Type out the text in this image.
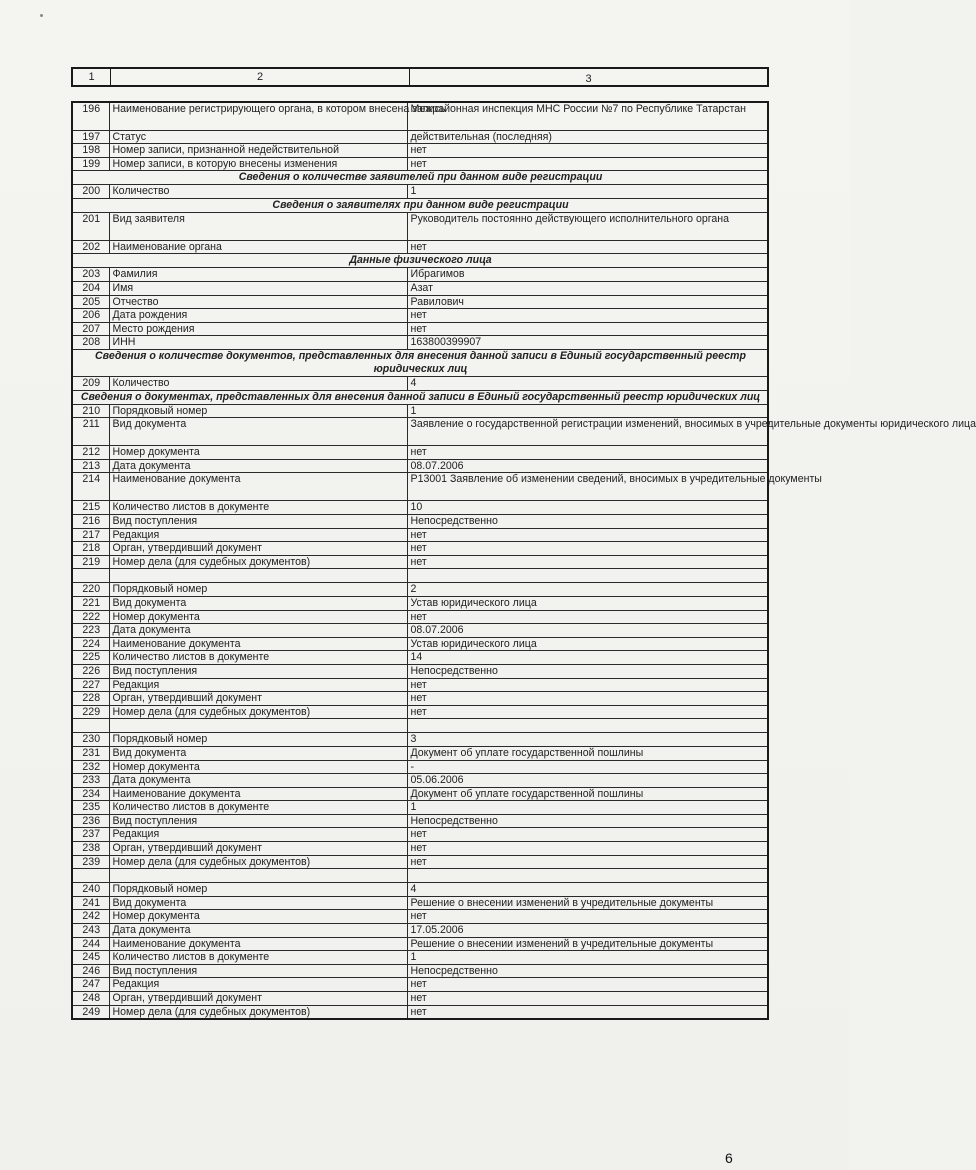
1	2	3
196	Наименование регистрирующего органа, в котором внесена запись	Межрайонная инспекция МНС России №7 по Республике Татарстан
197	Статус	действительная (последняя)
198	Номер записи, признанной недействительной	нет
199	Номер записи, в которую внесены изменения	нет
Сведения о количестве заявителей при данном виде регистрации		
200	Количество	1
Сведения о заявителях при данном виде регистрации		
201	Вид заявителя	Руководитель постоянно действующего исполнительного органа
202	Наименование органа	нет
Данные физического лица		
203	Фамилия	Ибрагимов
204	Имя	Азат
205	Отчество	Равилович
206	Дата рождения	нет
207	Место рождения	нет
208	ИНН	163800399907
Сведения о количестве документов, представленных для внесения данной записи в Единый государственный реестр юридических лиц		
209	Количество	4
Сведения о документах, представленных для внесения данной записи в Единый государственный реестр юридических лиц		
210	Порядковый номер	1
211	Вид документа	Заявление о государственной регистрации изменений, вносимых в учредительные документы юридического лица
212	Номер документа	нет
213	Дата документа	08.07.2006
214	Наименование документа	Р13001 Заявление об изменении сведений, вносимых в учредительные документы
215	Количество листов в документе	10
216	Вид поступления	Непосредственно
217	Редакция	нет
218	Орган, утвердивший документ	нет
219	Номер дела (для судебных документов)	нет

220	Порядковый номер	2
221	Вид документа	Устав юридического лица
222	Номер документа	нет
223	Дата документа	08.07.2006
224	Наименование документа	Устав юридического лица
225	Количество листов в документе	14
226	Вид поступления	Непосредственно
227	Редакция	нет
228	Орган, утвердивший документ	нет
229	Номер дела (для судебных документов)	нет

230	Порядковый номер	3
231	Вид документа	Документ об уплате государственной пошлины
232	Номер документа	-
233	Дата документа	05.06.2006
234	Наименование документа	Документ об уплате государственной пошлины
235	Количество листов в документе	1
236	Вид поступления	Непосредственно
237	Редакция	нет
238	Орган, утвердивший документ	нет
239	Номер дела (для судебных документов)	нет

240	Порядковый номер	4
241	Вид документа	Решение о внесении изменений в учредительные документы
242	Номер документа	нет
243	Дата документа	17.05.2006
244	Наименование документа	Решение о внесении изменений в учредительные документы
245	Количество листов в документе	1
246	Вид поступления	Непосредственно
247	Редакция	нет
248	Орган, утвердивший документ	нет
249	Номер дела (для судебных документов)	нет
6
